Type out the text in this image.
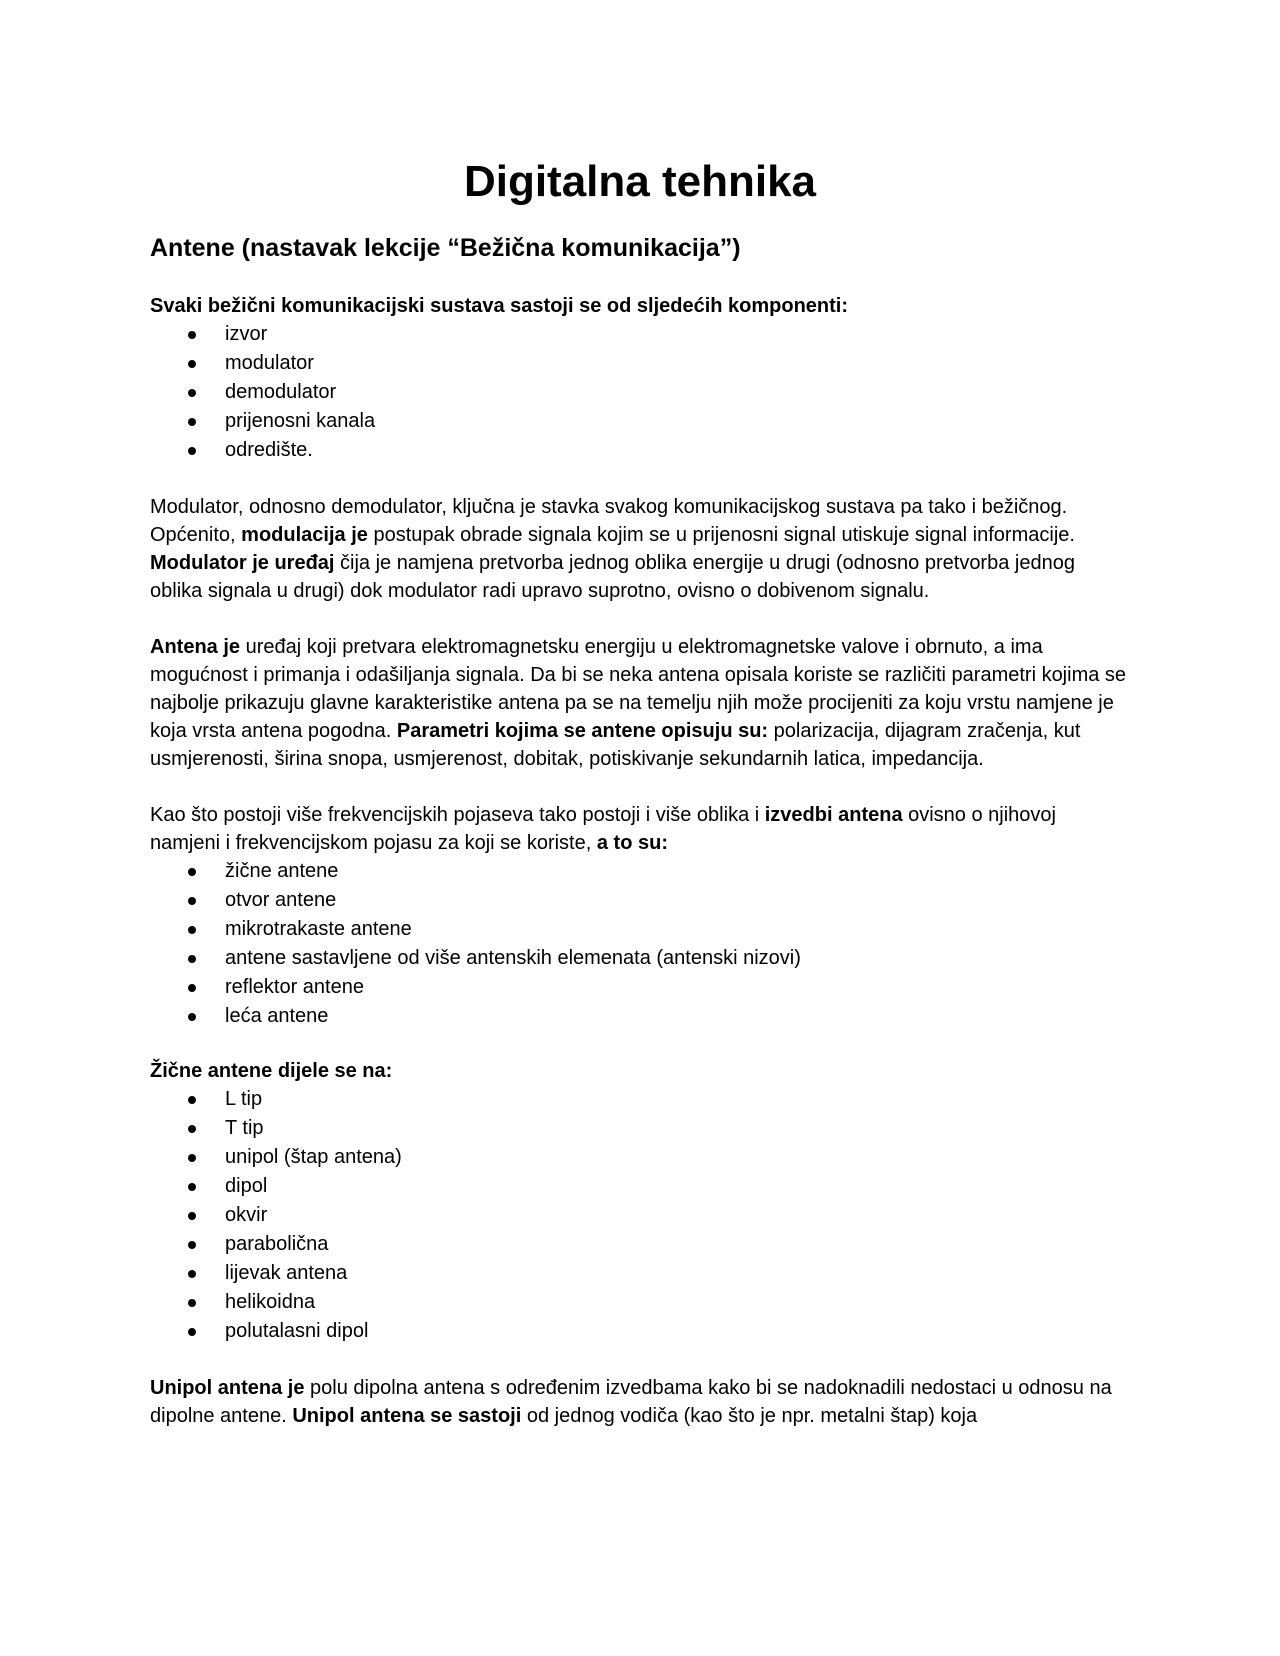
Digitalna tehnika
Antene (nastavak lekcije “Bežična komunikacija”)

Svaki bežični komunikacijski sustava sastoji se od sljedećih komponenti:

izvor
modulator
demodulator
prijenosni kanala
odredište.

Modulator, odnosno demodulator, ključna je stavka svakog komunikacijskog sustava pa tako i bežičnog. Općenito, modulacija je postupak obrade signala kojim se u prijenosni signal utiskuje signal informacije. Modulator je uređaj čija je namjena pretvorba jednog oblika energije u drugi (odnosno pretvorba jednog oblika signala u drugi) dok modulator radi upravo suprotno, ovisno o dobivenom signalu.

Antena je uređaj koji pretvara elektromagnetsku energiju u elektromagnetske valove i obrnuto, a ima mogućnost i primanja i odašiljanja signala. Da bi se neka antena opisala koriste se različiti parametri kojima se najbolje prikazuju glavne karakteristike antena pa se na temelju njih može procijeniti za koju vrstu namjene je koja vrsta antena pogodna. Parametri kojima se antene opisuju su: polarizacija, dijagram zračenja, kut usmjerenosti, širina snopa, usmjerenost, dobitak, potiskivanje sekundarnih latica, impedancija.

Kao što postoji više frekvencijskih pojaseva tako postoji i više oblika i izvedbi antena ovisno o njihovoj namjeni i frekvencijskom pojasu za koji se koriste, a to su:

žične antene
otvor antene
mikrotrakaste antene
antene sastavljene od više antenskih elemenata (antenski nizovi)
reflektor antene
leća antene

Žične antene dijele se na:

L tip
T tip
unipol (štap antena)
dipol
okvir
parabolična
lijevak antena
helikoidna
polutalasni dipol

Unipol antena je polu dipolna antena s određenim izvedbama kako bi se nadoknadili nedostaci u odnosu na dipolne antene. Unipol antena se sastoji od jednog vodiča (kao što je npr. metalni štap) koja
